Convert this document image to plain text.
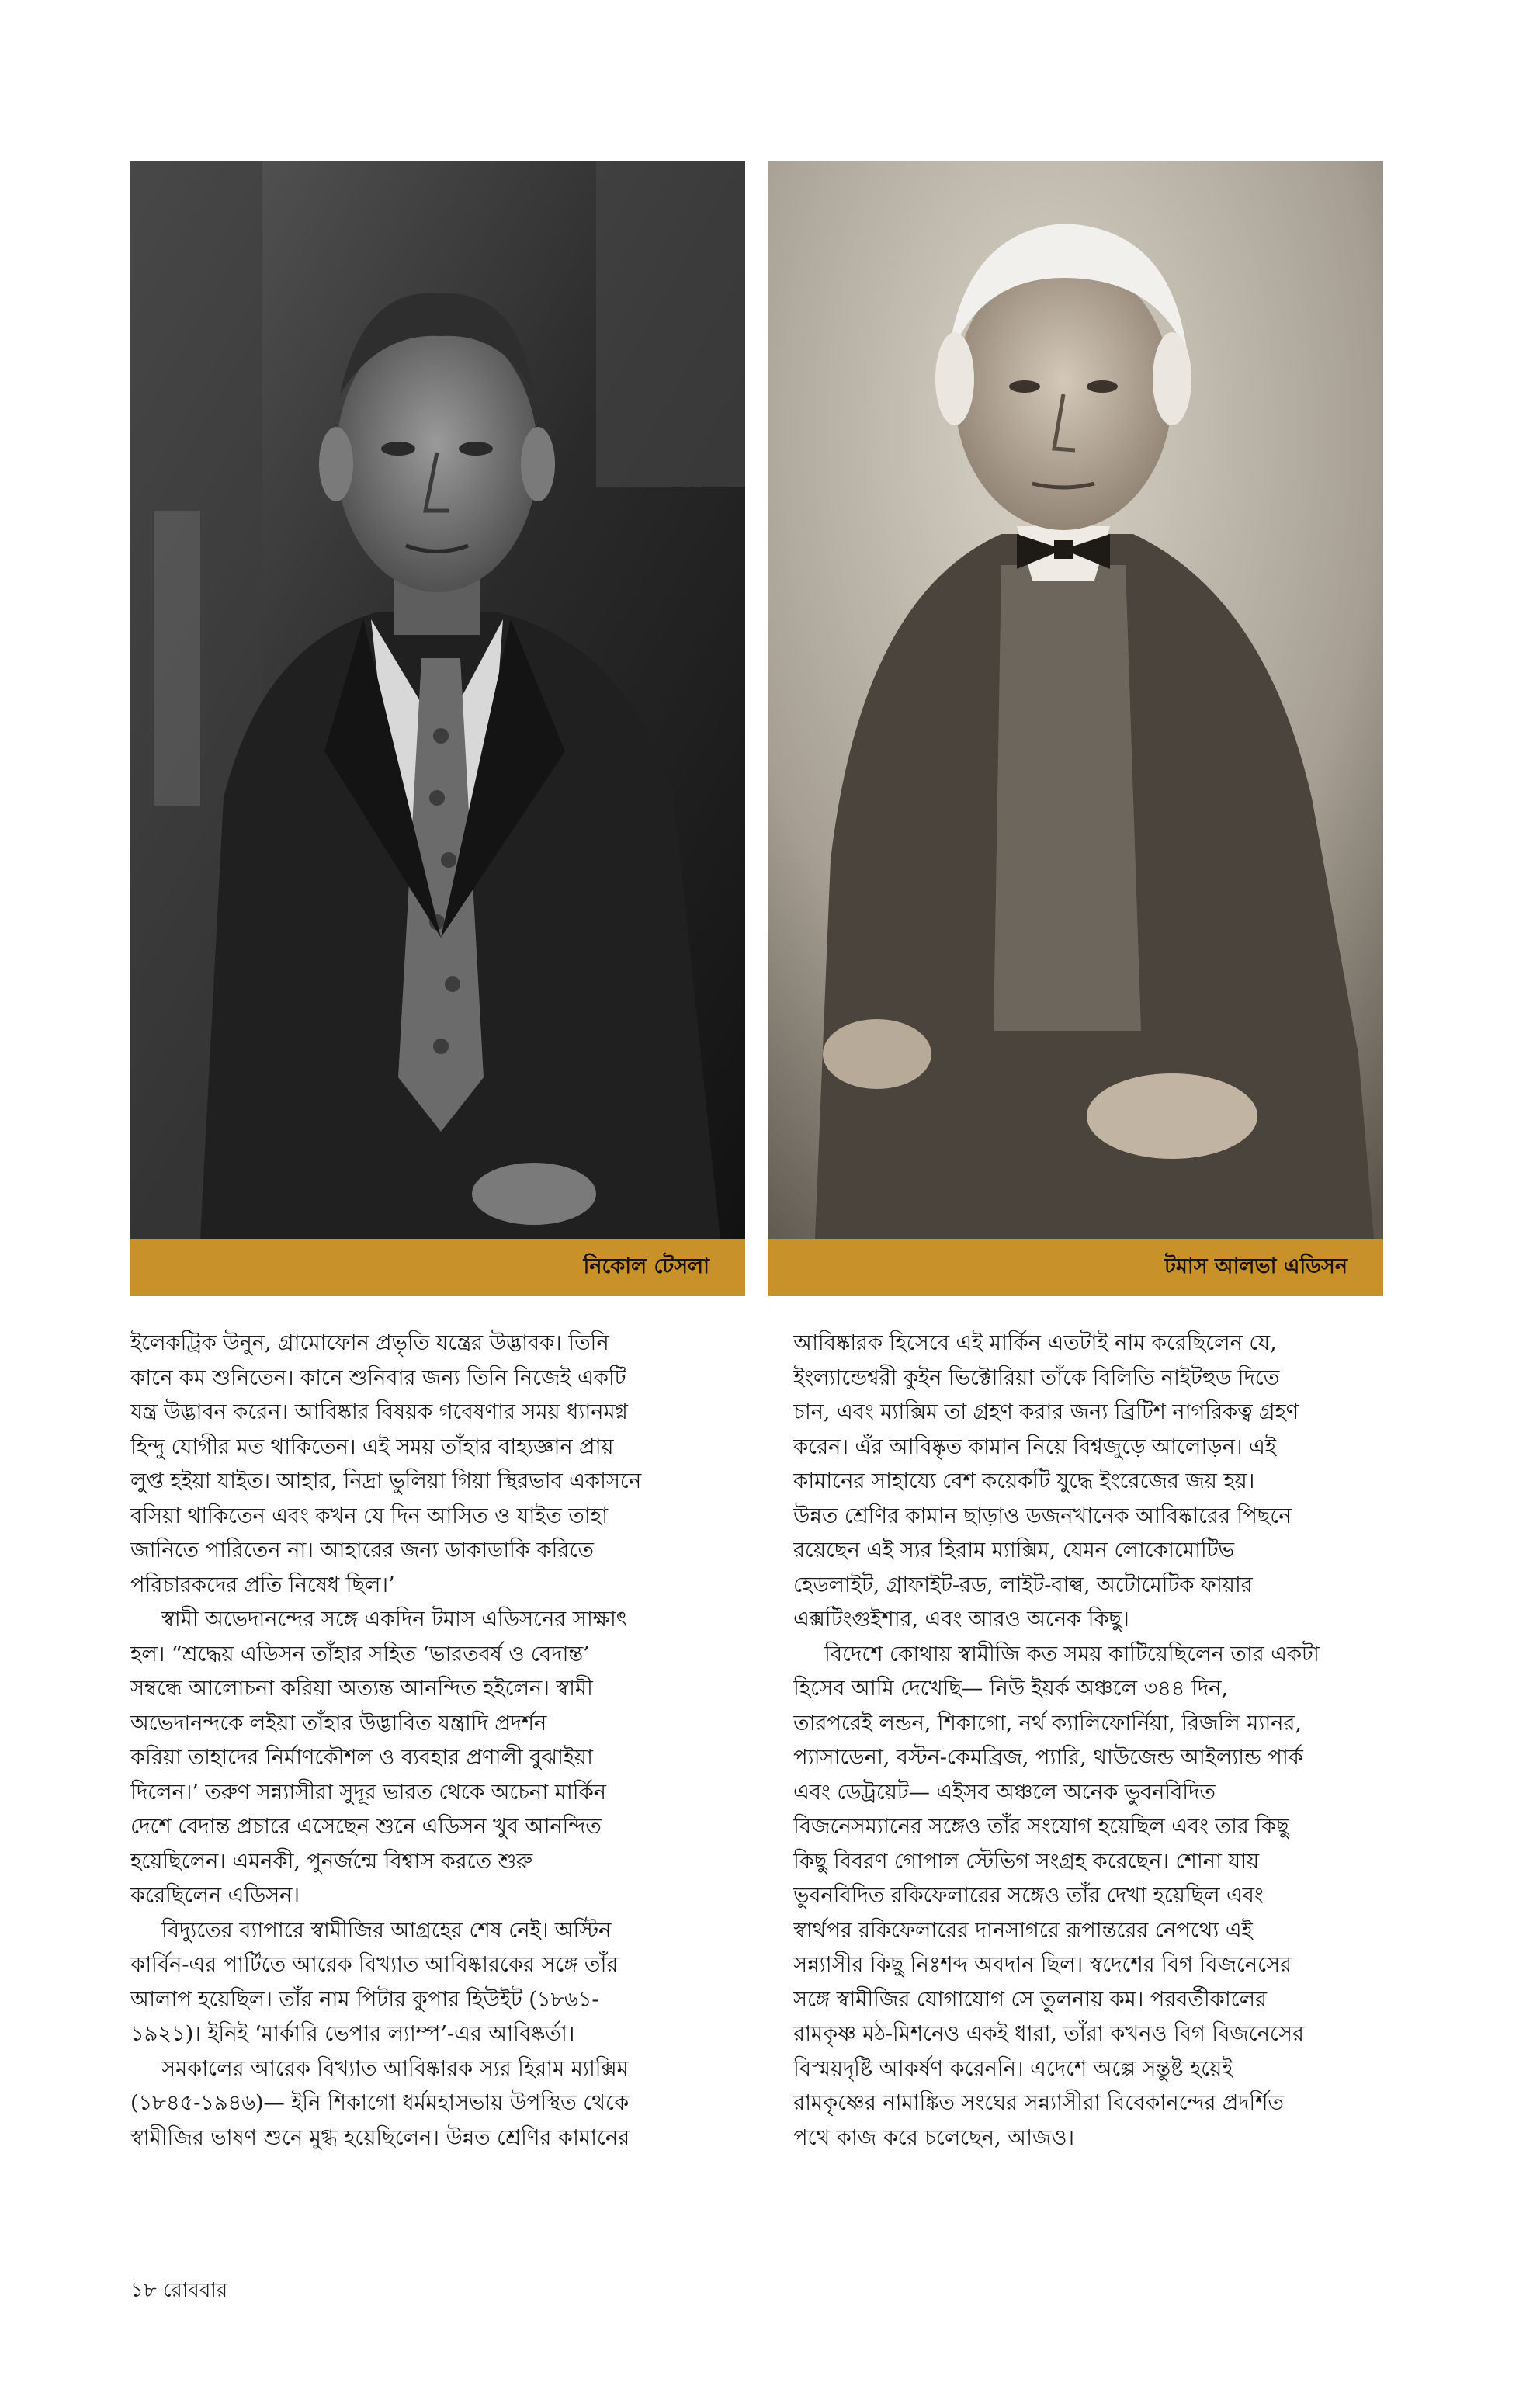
নিকোল টেসলা	টমাস আলভা এডিসন
ইলেকট্রিক উনুন, গ্রামোফোন প্রভৃতি যন্ত্রের উদ্ভাবক। তিনি
কানে কম শুনিতেন। কানে শুনিবার জন্য তিনি নিজেই একটি
যন্ত্র উদ্ভাবন করেন। আবিষ্কার বিষয়ক গবেষণার সময় ধ্যানমগ্ন
হিন্দু যোগীর মত থাকিতেন। এই সময় তাঁহার বাহ্যজ্ঞান প্রায়
লুপ্ত হইয়া যাইত। আহার, নিদ্রা ভুলিয়া গিয়া স্থিরভাব একাসনে
বসিয়া থাকিতেন এবং কখন যে দিন আসিত ও যাইত তাহা
জানিতে পারিতেন না। আহারের জন্য ডাকাডাকি করিতে
পরিচারকদের প্রতি নিষেধ ছিল।’
স্বামী অভেদানন্দের সঙ্গে একদিন টমাস এডিসনের সাক্ষাৎ
হল। “শ্রদ্ধেয় এডিসন তাঁহার সহিত ‘ভারতবর্ষ ও বেদান্ত’
সম্বন্ধে আলোচনা করিয়া অত্যন্ত আনন্দিত হইলেন। স্বামী
অভেদানন্দকে লইয়া তাঁহার উদ্ভাবিত যন্ত্রাদি প্রদর্শন
করিয়া তাহাদের নির্মাণকৌশল ও ব্যবহার প্রণালী বুঝাইয়া
দিলেন।’ তরুণ সন্ন্যাসীরা সুদূর ভারত থেকে অচেনা মার্কিন
দেশে বেদান্ত প্রচারে এসেছেন শুনে এডিসন খুব আনন্দিত
হয়েছিলেন। এমনকী, পুনর্জন্মে বিশ্বাস করতে শুরু
করেছিলেন এডিসন।
বিদ্যুতের ব্যাপারে স্বামীজির আগ্রহের শেষ নেই। অস্টিন
কার্বিন-এর পার্টিতে আরেক বিখ্যাত আবিষ্কারকের সঙ্গে তাঁর
আলাপ হয়েছিল। তাঁর নাম পিটার কুপার হিউইট (১৮৬১-
১৯২১)। ইনিই ‘মার্কারি ভেপার ল্যাম্প’-এর আবিষ্কর্তা।
সমকালের আরেক বিখ্যাত আবিষ্কারক স্যর হিরাম ম্যাক্সিম
(১৮৪৫-১৯৪৬)— ইনি শিকাগো ধর্মমহাসভায় উপস্থিত থেকে
স্বামীজির ভাষণ শুনে মুগ্ধ হয়েছিলেন। উন্নত শ্রেণির কামানের
আবিষ্কারক হিসেবে এই মার্কিন এতটাই নাম করেছিলেন যে,
ইংল্যান্ডেশ্বরী কুইন ভিক্টোরিয়া তাঁকে বিলিতি নাইটহুড দিতে
চান, এবং ম্যাক্সিম তা গ্রহণ করার জন্য ব্রিটিশ নাগরিকত্ব গ্রহণ
করেন। এঁর আবিষ্কৃত কামান নিয়ে বিশ্বজুড়ে আলোড়ন। এই
কামানের সাহায্যে বেশ কয়েকটি যুদ্ধে ইংরেজের জয় হয়।
উন্নত শ্রেণির কামান ছাড়াও ডজনখানেক আবিষ্কারের পিছনে
রয়েছেন এই স্যর হিরাম ম্যাক্সিম, যেমন লোকোমোটিভ
হেডলাইট, গ্রাফাইট-রড, লাইট-বাল্ব, অটোমেটিক ফায়ার
এক্সটিংগুইশার, এবং আরও অনেক কিছু।
বিদেশে কোথায় স্বামীজি কত সময় কাটিয়েছিলেন তার একটা
হিসেব আমি দেখেছি— নিউ ইয়র্ক অঞ্চলে ৩৪৪ দিন,
তারপরেই লন্ডন, শিকাগো, নর্থ ক্যালিফোর্নিয়া, রিজলি ম্যানর,
প্যাসাডেনা, বস্টন-কেমব্রিজ, প্যারি, থাউজেন্ড আইল্যান্ড পার্ক
এবং ডেট্রয়েট— এইসব অঞ্চলে অনেক ভুবনবিদিত
বিজনেসম্যানের সঙ্গেও তাঁর সংযোগ হয়েছিল এবং তার কিছু
কিছু বিবরণ গোপাল স্টেভিগ সংগ্রহ করেছেন। শোনা যায়
ভুবনবিদিত রকিফেলারের সঙ্গেও তাঁর দেখা হয়েছিল এবং
স্বার্থপর রকিফেলারের দানসাগরে রূপান্তরের নেপথ্যে এই
সন্ন্যাসীর কিছু নিঃশব্দ অবদান ছিল। স্বদেশের বিগ বিজনেসের
সঙ্গে স্বামীজির যোগাযোগ সে তুলনায় কম। পরবর্তীকালের
রামকৃষ্ণ মঠ-মিশনেও একই ধারা, তাঁরা কখনও বিগ বিজনেসের
বিস্ময়দৃষ্টি আকর্ষণ করেননি। এদেশে অল্পে সন্তুষ্ট হয়েই
রামকৃষ্ণের নামাঙ্কিত সংঘের সন্ন্যাসীরা বিবেকানন্দের প্রদর্শিত
পথে কাজ করে চলেছেন, আজও।
১৮ রোববার
